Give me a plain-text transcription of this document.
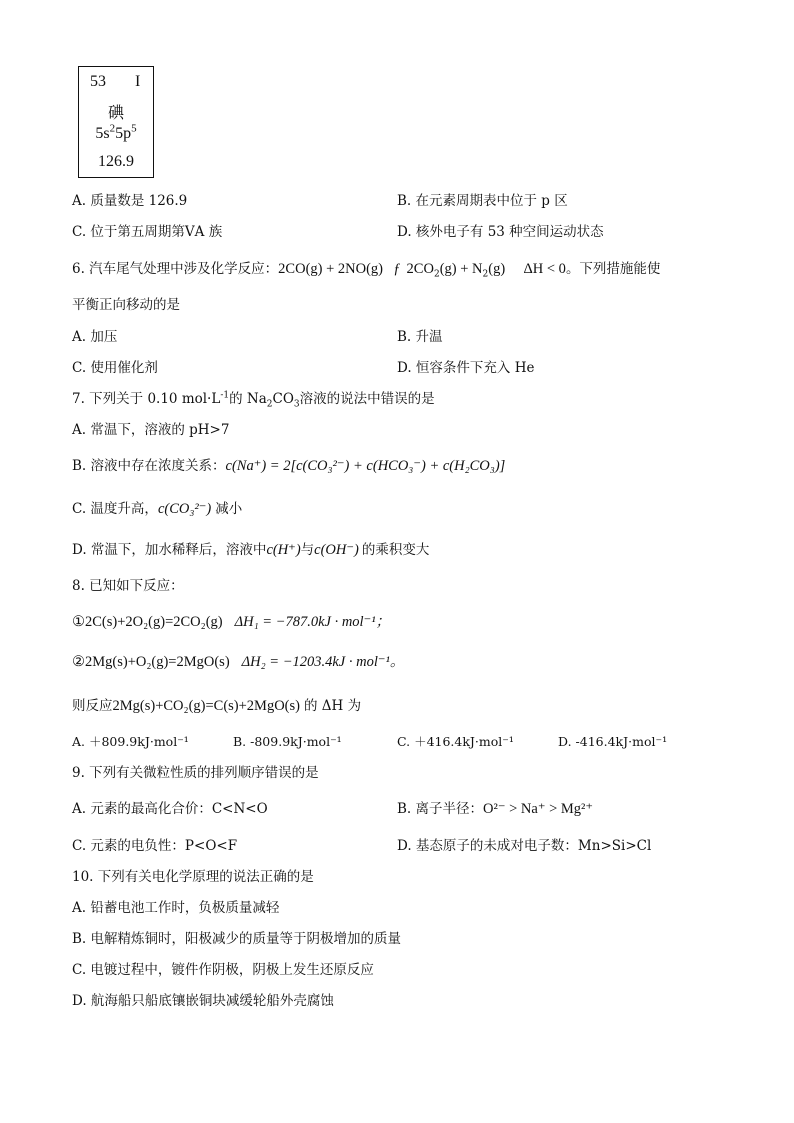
53 I
碘
$5s^25p^5$
126.9
A. 质量数是 126.9	B. 在元素周期表中位于 p 区
C. 位于第五周期第ⅤA 族	D. 核外电子有 53 种空间运动状态
6. 汽车尾气处理中涉及化学反应：2CO(g) + 2NO(g) ƒ $2CO_2(g) + N_2(g) \Delta H < 0$。下列措施能使
平衡正向移动的是
A. 加压	B. 升温
C. 使用催化剂	D. 恒容条件下充入 He
7. 下列关于 0.10 $mol\cdot L^{-1}$的 $Na_2CO_3$溶液的说法中错误的是
A. 常温下，溶液的 pH>7
B. 溶液中存在浓度关系：c(Na⁺) = 2[c(CO₃²⁻) + c(HCO₃⁻) + c(H₂CO₃)]
C. 温度升高，c(CO₃²⁻) 减小
D. 常温下，加水稀释后，溶液中c(H⁺)与c(OH⁻) 的乘积变大
8. 已知如下反应：
①2C(s)+2O₂(g)=2CO₂(g) ΔH₁ = −787.0kJ · mol⁻¹；
②2Mg(s)+O₂(g)=2MgO(s) ΔH₂ = −1203.4kJ · mol⁻¹。
则反应2Mg(s)+CO₂(g)=C(s)+2MgO(s) 的 ΔH 为
A. ＋809.9kJ·mol⁻¹	B. -809.9kJ·mol⁻¹	C. ＋416.4kJ·mol⁻¹	D. -416.4kJ·mol⁻¹
9. 下列有关微粒性质的排列顺序错误的是
A. 元素的最高化合价：C<N<O	B. 离子半径：O²⁻ > Na⁺ > Mg²⁺
C. 元素的电负性：P<O<F	D. 基态原子的未成对电子数：Mn>Si>Cl
10. 下列有关电化学原理的说法正确的是
A. 铅蓄电池工作时，负极质量减轻
B. 电解精炼铜时，阳极减少的质量等于阴极增加的质量
C. 电镀过程中，镀件作阴极，阴极上发生还原反应
D. 航海船只船底镶嵌铜块减缓轮船外壳腐蚀
